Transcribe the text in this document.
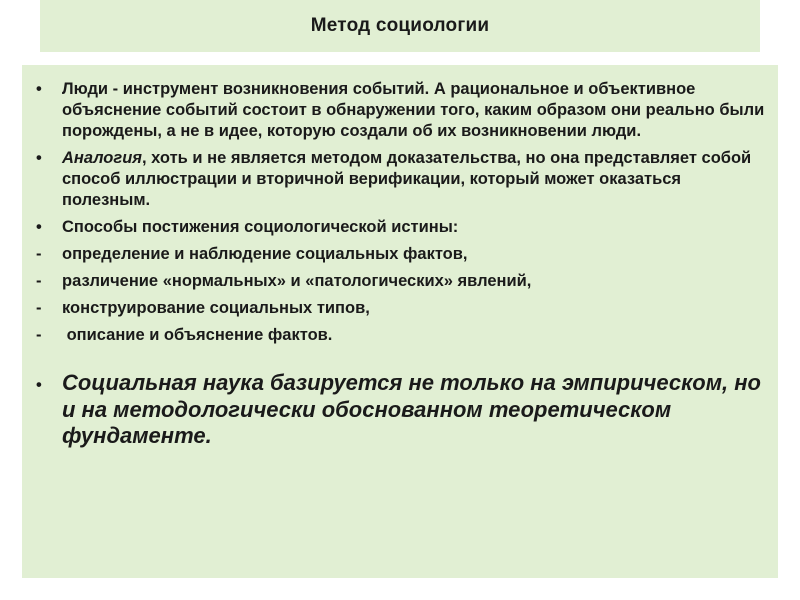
Метод социологии
•	Люди - инструмент возникновения событий. А рациональное и объективное объяснение событий состоит в обнаружении того, каким образом они реально были порождены, а не в идее, которую создали об их возникновении люди.
•	Аналогия, хоть и не является методом доказательства, но она представляет собой способ иллюстрации и вторичной верификации, который может оказаться полезным.
•	Способы постижения социологической истины:
-	определение и наблюдение социальных фактов,
-	различение «нормальных» и «патологических» явлений,
-	конструирование социальных типов,
-	описание и объяснение фактов.
• Социальная наука базируется не только на эмпирическом, но и на методологически обоснованном теоретическом фундаменте.
